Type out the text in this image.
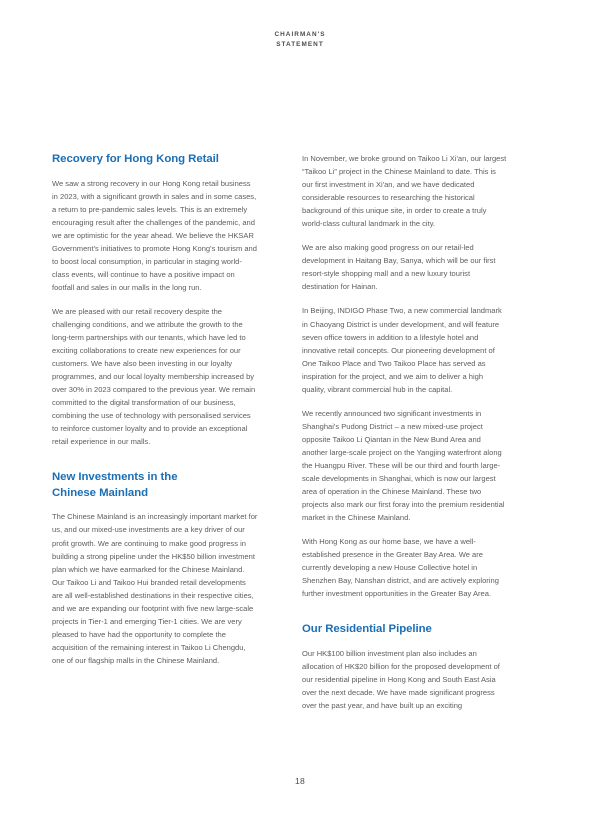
CHAIRMAN'S
STATEMENT
Recovery for Hong Kong Retail

We saw a strong recovery in our Hong Kong retail business in 2023, with a significant growth in sales and in some cases, a return to pre-pandemic sales levels. This is an extremely encouraging result after the challenges of the pandemic, and we are optimistic for the year ahead. We believe the HKSAR Government's initiatives to promote Hong Kong's tourism and to boost local consumption, in particular in staging world-class events, will continue to have a positive impact on footfall and sales in our malls in the long run.

We are pleased with our retail recovery despite the challenging conditions, and we attribute the growth to the long-term partnerships with our tenants, which have led to exciting collaborations to create new experiences for our customers. We have also been investing in our loyalty programmes, and our local loyalty membership increased by over 30% in 2023 compared to the previous year. We remain committed to the digital transformation of our business, combining the use of technology with personalised services to reinforce customer loyalty and to provide an exceptional retail experience in our malls.

New Investments in the
Chinese Mainland

The Chinese Mainland is an increasingly important market for us, and our mixed-use investments are a key driver of our profit growth. We are continuing to make good progress in building a strong pipeline under the HK$50 billion investment plan which we have earmarked for the Chinese Mainland. Our Taikoo Li and Taikoo Hui branded retail developments are all well-established destinations in their respective cities, and we are expanding our footprint with five new large-scale projects in Tier-1 and emerging Tier-1 cities. We are very pleased to have had the opportunity to complete the acquisition of the remaining interest in Taikoo Li Chengdu, one of our flagship malls in the Chinese Mainland.

In November, we broke ground on Taikoo Li Xi'an, our largest “Taikoo Li” project in the Chinese Mainland to date. This is our first investment in Xi'an, and we have dedicated considerable resources to researching the historical background of this unique site, in order to create a truly world-class cultural landmark in the city.

We are also making good progress on our retail-led development in Haitang Bay, Sanya, which will be our first resort-style shopping mall and a new luxury tourist destination for Hainan.

In Beijing, INDIGO Phase Two, a new commercial landmark in Chaoyang District is under development, and will feature seven office towers in addition to a lifestyle hotel and innovative retail concepts. Our pioneering development of One Taikoo Place and Two Taikoo Place has served as inspiration for the project, and we aim to deliver a high quality, vibrant commercial hub in the capital.

We recently announced two significant investments in Shanghai's Pudong District – a new mixed-use project opposite Taikoo Li Qiantan in the New Bund Area and another large-scale project on the Yangjing waterfront along the Huangpu River. These will be our third and fourth large-scale developments in Shanghai, which is now our largest area of operation in the Chinese Mainland. These two projects also mark our first foray into the premium residential market in the Chinese Mainland.

With Hong Kong as our home base, we have a well-established presence in the Greater Bay Area. We are currently developing a new House Collective hotel in Shenzhen Bay, Nanshan district, and are actively exploring further investment opportunities in the Greater Bay Area.

Our Residential Pipeline

Our HK$100 billion investment plan also includes an allocation of HK$20 billion for the proposed development of our residential pipeline in Hong Kong and South East Asia over the next decade. We have made significant progress over the past year, and have built up an exciting

18
